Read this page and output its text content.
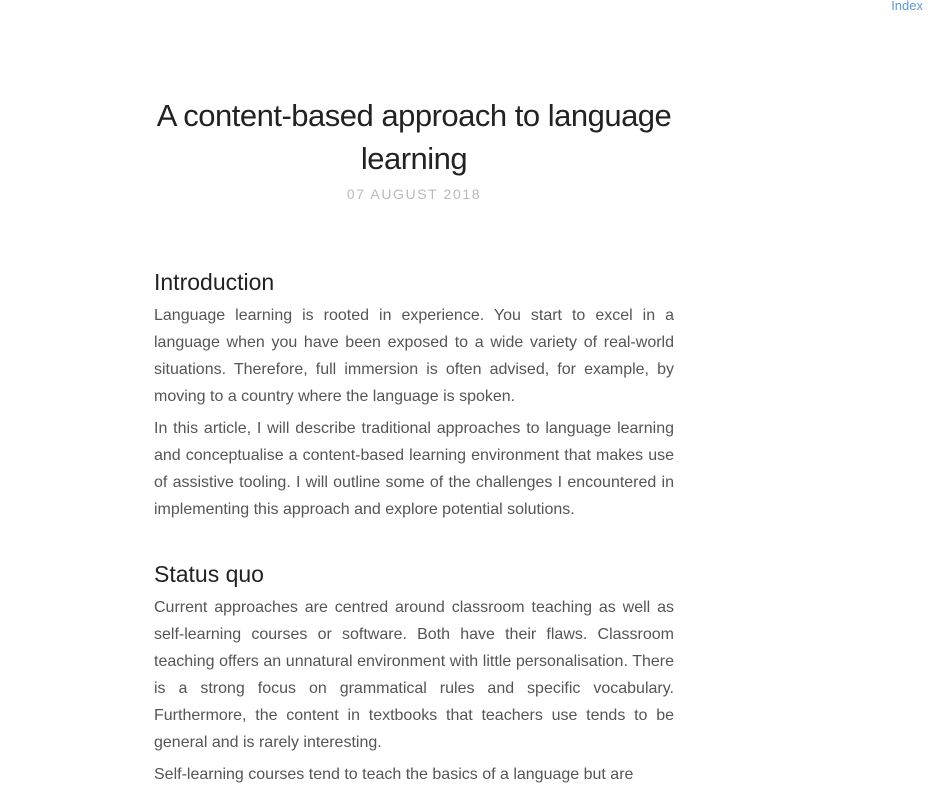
Index
A content-based approach to language learning
07 AUGUST 2018
Introduction

Language learning is rooted in experience. You start to excel in a language when you have been exposed to a wide variety of real-world situations. Therefore, full immersion is often advised, for example, by moving to a country where the language is spoken.

In this article, I will describe traditional approaches to language learning and conceptualise a content-based learning environment that makes use of assistive tooling. I will outline some of the challenges I encountered in implementing this approach and explore potential solutions.

Status quo

Current approaches are centred around classroom teaching as well as self-learning courses or software. Both have their flaws. Classroom teaching offers an unnatural environment with little personalisation. There is a strong focus on grammatical rules and specific vocabulary. Furthermore, the content in textbooks that teachers use tends to be general and is rarely interesting.

Self-learning courses tend to teach the basics of a language but are
